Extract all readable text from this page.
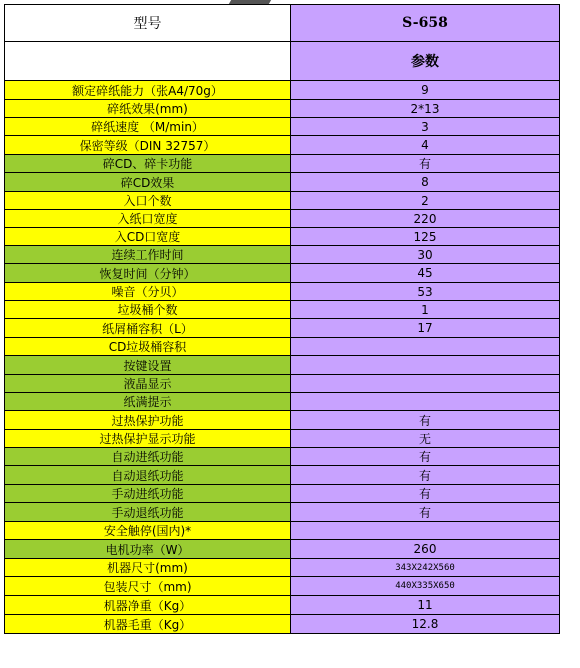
型号	S-658
	参数
额定碎纸能力（张A4/70g）	9
碎纸效果(mm)	2*13
碎纸速度 （M/min）	3
保密等级（DIN 32757）	4
碎CD、碎卡功能	有
碎CD效果	8
入口个数	2
入纸口宽度	220
入CD口宽度	125
连续工作时间	30
恢复时间（分钟）	45
噪音（分贝）	53
垃圾桶个数	1
纸屑桶容积（L）	17
CD垃圾桶容积	
按键设置	
液晶显示	
纸满提示	
过热保护功能	有
过热保护显示功能	无
自动进纸功能	有
自动退纸功能	有
手动进纸功能	有
手动退纸功能	有
安全触停(国内)*	
电机功率（W）	260
机器尺寸(mm)	343X242X560
包装尺寸（mm)	440X335X650
机器净重（Kg）	11
机器毛重（Kg）	12.8
